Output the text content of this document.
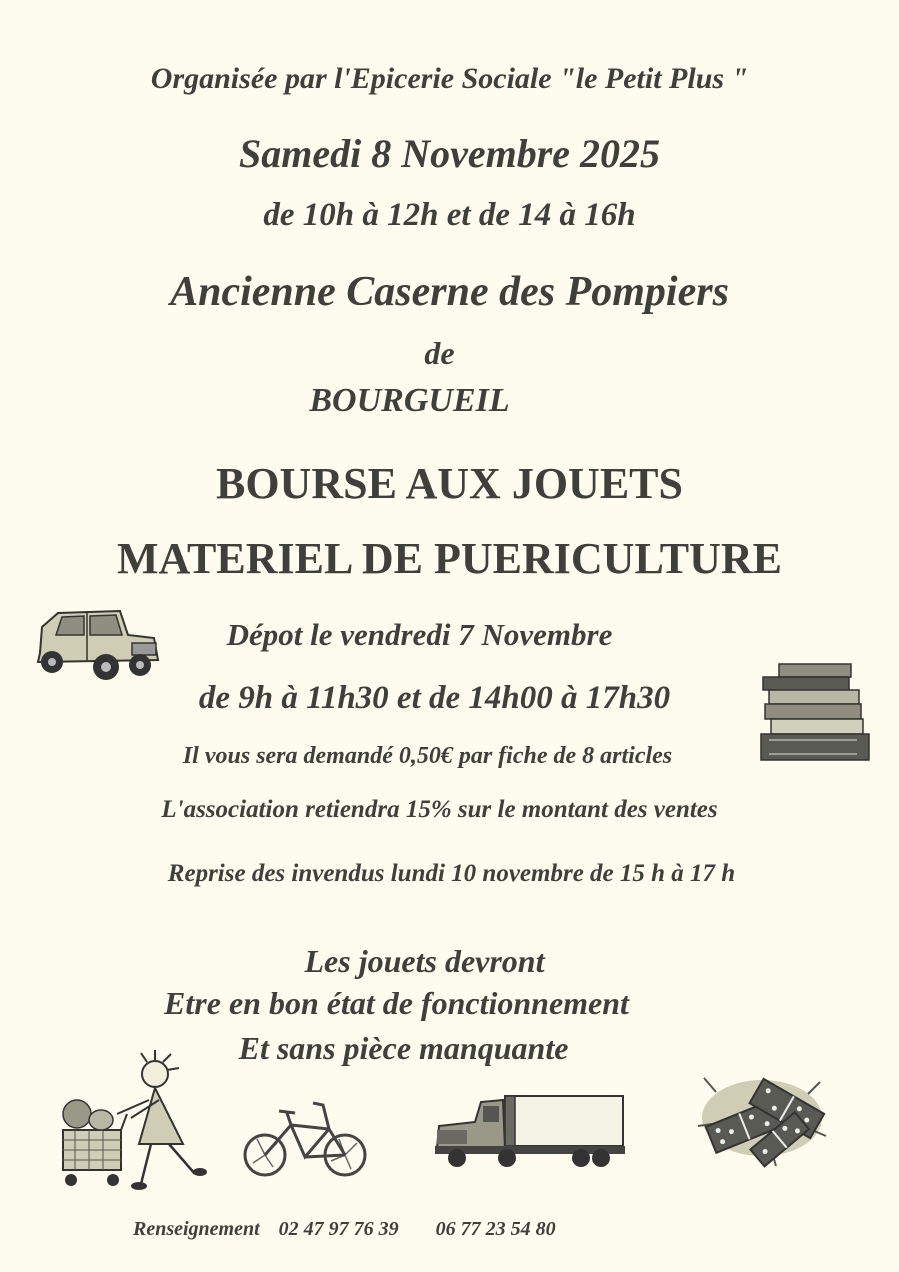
Organisée par l'Epicerie Sociale "le Petit Plus "
Samedi 8 Novembre 2025
de 10h à 12h et de 14 à 16h
Ancienne Caserne des Pompiers
de
BOURGUEIL
BOURSE AUX JOUETS
MATERIEL DE PUERICULTURE
Dépot le vendredi 7 Novembre
de 9h à 11h30 et de 14h00 à 17h30
Il vous sera demandé 0,50€ par fiche de 8 articles
L'association retiendra 15% sur le montant des ventes
Reprise des invendus lundi 10 novembre de 15 h à 17 h
Les jouets devront
Etre en bon état de fonctionnement
Et sans pièce manquante
Renseignement 02 47 97 76 39 06 77 23 54 80
